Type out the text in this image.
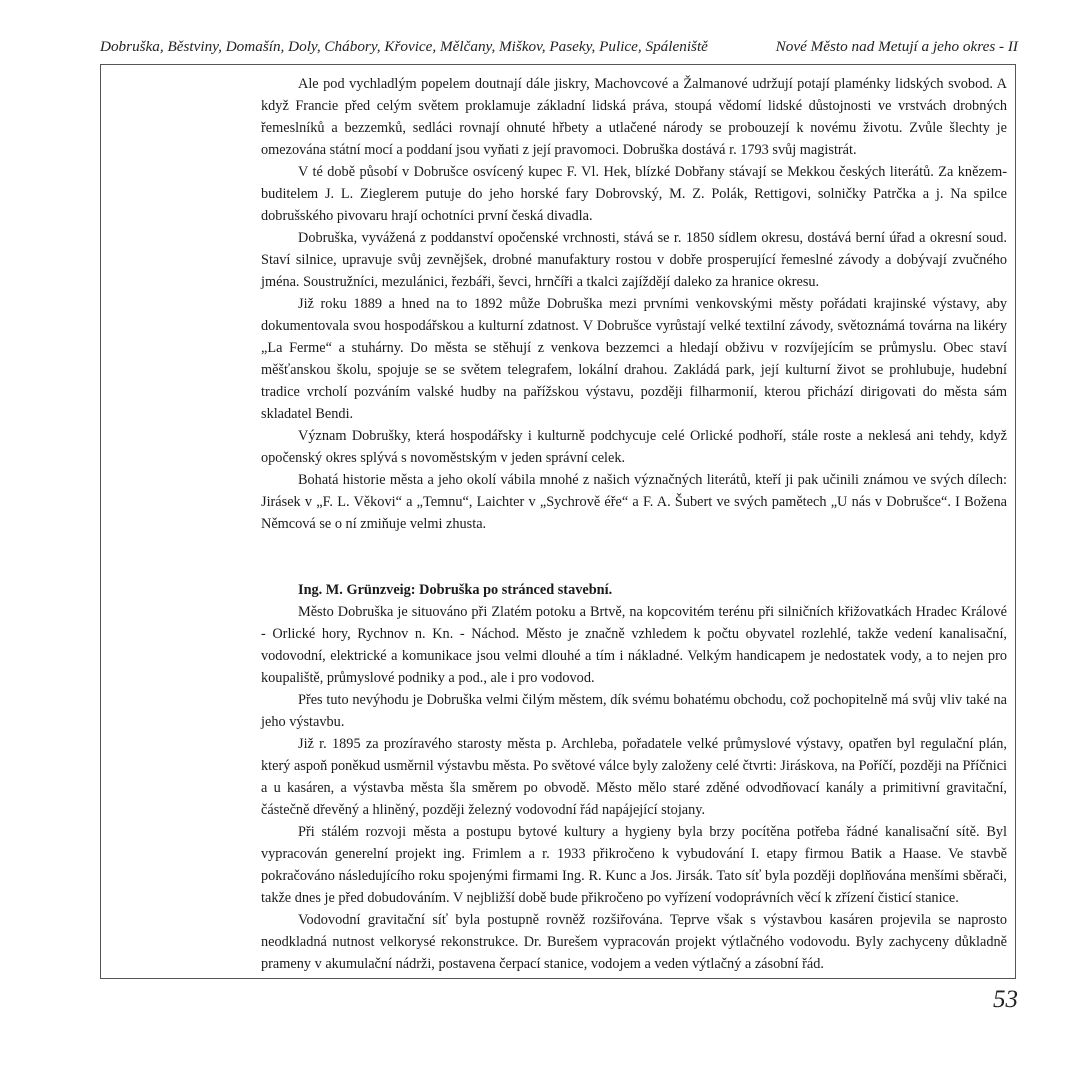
Dobruška, Běstviny, Domašín, Doly, Chábory, Křovice, Mělčany, Miškov, Paseky, Pulice, Spáleniště	Nové Město nad Metují a jeho okres - II

Ale pod vychladlým popelem doutnají dále jiskry, Machovcové a Žalmanové udržují potají plaménky lidských svobod. A když Francie před celým světem proklamuje základní lidská práva, stoupá vědomí lidské důstojnosti ve vrstvách drobných řemeslníků a bezzemků, sedláci rovnají ohnuté hřbety a utlačené národy se probouzejí k novému životu. Zvůle šlechty je omezována státní mocí a poddaní jsou vyňati z její pravomoci. Dobruška dostává r. 1793 svůj magistrát.

V té době působí v Dobrušce osvícený kupec F. Vl. Hek, blízké Dobřany stávají se Mekkou českých literátů. Za knězem-buditelem J. L. Zieglerem putuje do jeho horské fary Dobrovský, M. Z. Polák, Rettigovi, solničky Patrčka a j. Na spilce dobrušského pivovaru hrají ochotníci první česká divadla.

Dobruška, vyvážená z poddanství opočenské vrchnosti, stává se r. 1850 sídlem okresu, dostává berní úřad a okresní soud. Staví silnice, upravuje svůj zevnějšek, drobné manufaktury rostou v dobře prosperující řemeslné závody a dobývají zvučného jména. Soustružníci, mezulánici, řezbáři, ševci, hrnčíři a tkalci zajíždějí daleko za hranice okresu.

Již roku 1889 a hned na to 1892 může Dobruška mezi prvními venkovskými městy pořádati krajinské výstavy, aby dokumentovala svou hospodářskou a kulturní zdatnost. V Dobrušce vyrůstají velké textilní závody, světoznámá továrna na likéry „La Ferme“ a stuhárny. Do města se stěhují z venkova bezzemci a hledají obživu v rozvíjejícím se průmyslu. Obec staví měšťanskou školu, spojuje se se světem telegrafem, lokální drahou. Zakládá park, její kulturní život se prohlubuje, hudební tradice vrcholí pozváním valské hudby na pařížskou výstavu, později filharmonií, kterou přichází dirigovati do města sám skladatel Bendi.

Význam Dobrušky, která hospodářsky i kulturně podchycuje celé Orlické podhoří, stále roste a neklesá ani tehdy, když opočenský okres splývá s novoměstským v jeden správní celek.

Bohatá historie města a jeho okolí vábila mnohé z našich význačných literátů, kteří ji pak učinili známou ve svých dílech: Jirásek v „F. L. Věkovi“ a „Temnu“, Laichter v „Sychrově éře“ a F. A. Šubert ve svých pamětech „U nás v Dobrušce“. I Božena Němcová se o ní zmiňuje velmi zhusta.

Ing. M. Grünzveig: Dobruška po stránced stavební.

Město Dobruška je situováno při Zlatém potoku a Brtvě, na kopcovitém terénu při silničních křižovatkách Hradec Králové - Orlické hory, Rychnov n. Kn. - Náchod. Město je značně vzhledem k počtu obyvatel rozlehlé, takže vedení kanalisační, vodovodní, elektrické a komunikace jsou velmi dlouhé a tím i nákladné. Velkým handicapem je nedostatek vody, a to nejen pro koupaliště, průmyslové podniky a pod., ale i pro vodovod.

Přes tuto nevýhodu je Dobruška velmi čilým městem, dík svému bohatému obchodu, což pochopitelně má svůj vliv také na jeho výstavbu.

Již r. 1895 za prozíravého starosty města p. Archleba, pořadatele velké průmyslové výstavy, opatřen byl regulační plán, který aspoň poněkud usměrnil výstavbu města. Po světové válce byly založeny celé čtvrti: Jiráskova, na Poříčí, později na Příčnici a u kasáren, a výstavba města šla směrem po obvodě. Město mělo staré zděné odvodňovací kanály a primitivní gravitační, částečně dřevěný a hliněný, později železný vodovodní řád napájející stojany.

Při stálém rozvoji města a postupu bytové kultury a hygieny byla brzy pocítěna potřeba řádné kanalisační sítě. Byl vypracován generelní projekt ing. Frimlem a r. 1933 přikročeno k vybudování I. etapy firmou Batik a Haase. Ve stavbě pokračováno následujícího roku spojenými firmami Ing. R. Kunc a Jos. Jirsák. Tato síť byla později doplňována menšími sběrači, takže dnes je před dobudováním. V nejbližší době bude přikročeno po vyřízení vodoprávních věcí k zřízení čisticí stanice.

Vodovodní gravitační síť byla postupně rovněž rozšiřována. Teprve však s výstavbou kasáren projevila se naprosto neodkladná nutnost velkorysé rekonstrukce. Dr. Burešem vypracován projekt výtlačného vodovodu. Byly zachyceny důkladně prameny v akumulační nádrži, postavena čerpací stanice, vodojem a veden výtlačný a zásobní řád.

53
